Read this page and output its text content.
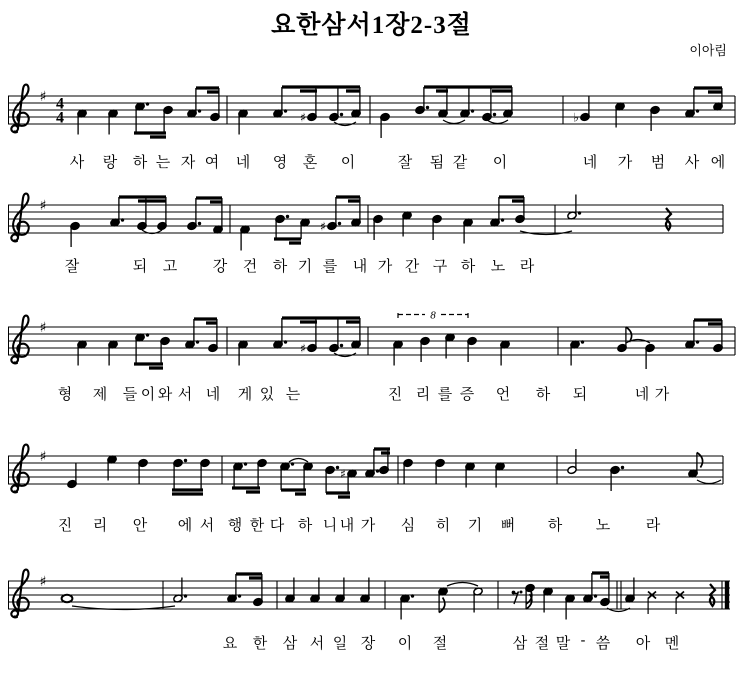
요한삼서1장2-3절
이아림
♯	♭
♯ 4
4
♯
♯
♯
8
♯
♯
♯
♯
사 랑 하 는 자 여 네 영 혼 이	잘 됨 같 이	네 가 범 사 에
잘	되 고 강 건 하 기 를 내 가 간 구 하 노 라
형 제 들 이 와 서 네 게 있 는	진 리 를 증 언 하 되	네 가
진 리 안 에 서 행 한 다 하 니 내 가 심 히 기 뻐 하 노 라
요 한 삼 서 일 장 이 절	삼 절 말 - 씀 아 멘
